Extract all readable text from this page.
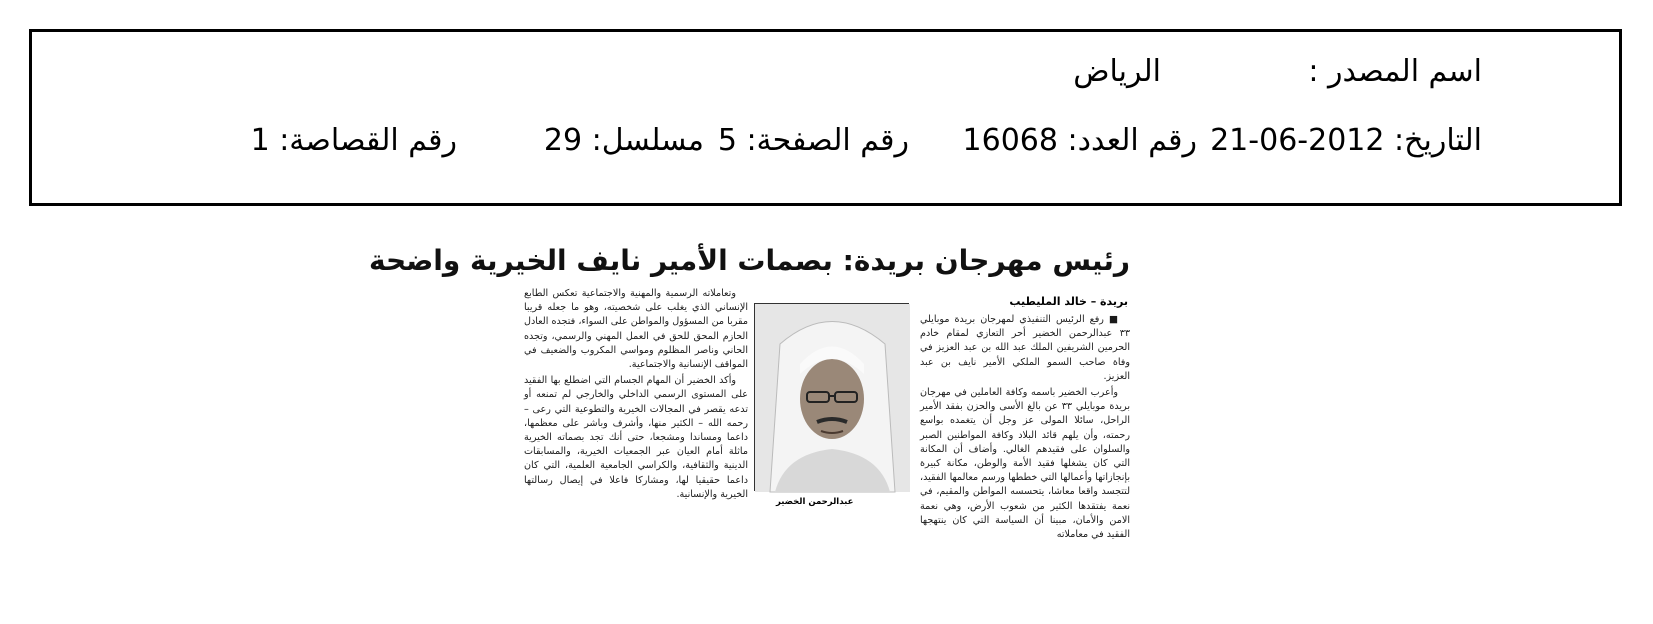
اسم المصدر :
الرياض
التاريخ: 2012-06-21
رقم العدد: 16068
رقم الصفحة: 5
مسلسل: 29
رقم القصاصة: 1
رئيس مهرجان بريدة: بصمات الأمير نايف الخيرية واضحة
بريدة – خالد المليطيب

■ رفع الرئيس التنفيذي لمهرجان بريدة موبايلي ٣٣ عبدالرحمن الخضير أحر التعازي لمقام خادم الحرمين الشريفين الملك عبد الله بن عبد العزيز في وفاة صاحب السمو الملكي الأمير نايف بن عبد العزيز.

وأعرب الخضير باسمه وكافة العاملين في مهرجان بريدة موبايلي ٣٣ عن بالغ الأسى والحزن بفقد الأمير الراحل، سائلا المولى عز وجل أن يتغمده بواسع رحمته، وأن يلهم قائد البلاد وكافة المواطنين الصبر والسلوان على فقيدهم الغالي. وأضاف أن المكانة التي كان يشغلها فقيد الأمة والوطن، مكانة كبيرة بإنجازاتها وأعمالها التي خططها ورسم معالمها الفقيد، لتتجسد واقعا معاشا، يتحسسه المواطن والمقيم، في نعمة يفتقدها الكثير من شعوب الأرض، وهي نعمة الامن والأمان، مبينا أن السياسة التي كان ينتهجها الفقيد في معاملاته

عبدالرحمن الخضير

وتعاملاته الرسمية والمهنية والاجتماعية تعكس الطابع الإنساني الذي يغلب على شخصيته، وهو ما جعله قريبا مقربا من المسؤول والمواطن على السواء، فتجده العادل الحازم المحق للحق في العمل المهني والرسمي، وتجده الحاني وناصر المظلوم ومواسي المكروب والضعيف في المواقف الإنسانية والاجتماعية.

وأكد الخضير أن المهام الجسام التي اضطلع بها الفقيد على المستوى الرسمي الداخلي والخارجي لم تمنعه أو تدعه يقصر في المجالات الخيرية والتطوعية التي رعى – رحمه الله – الكثير منها، وأشرف وباشر على معظمها، داعما ومساندا ومشجعا، حتى أنك تجد بصماته الخيرية ماثلة أمام العيان عبر الجمعيات الخيرية، والمسابقات الدينية والثقافية، والكراسي الجامعية العلمية، التي كان داعما حقيقيا لها، ومشاركا فاعلا في إيصال رسالتها الخيرية والإنسانية.
